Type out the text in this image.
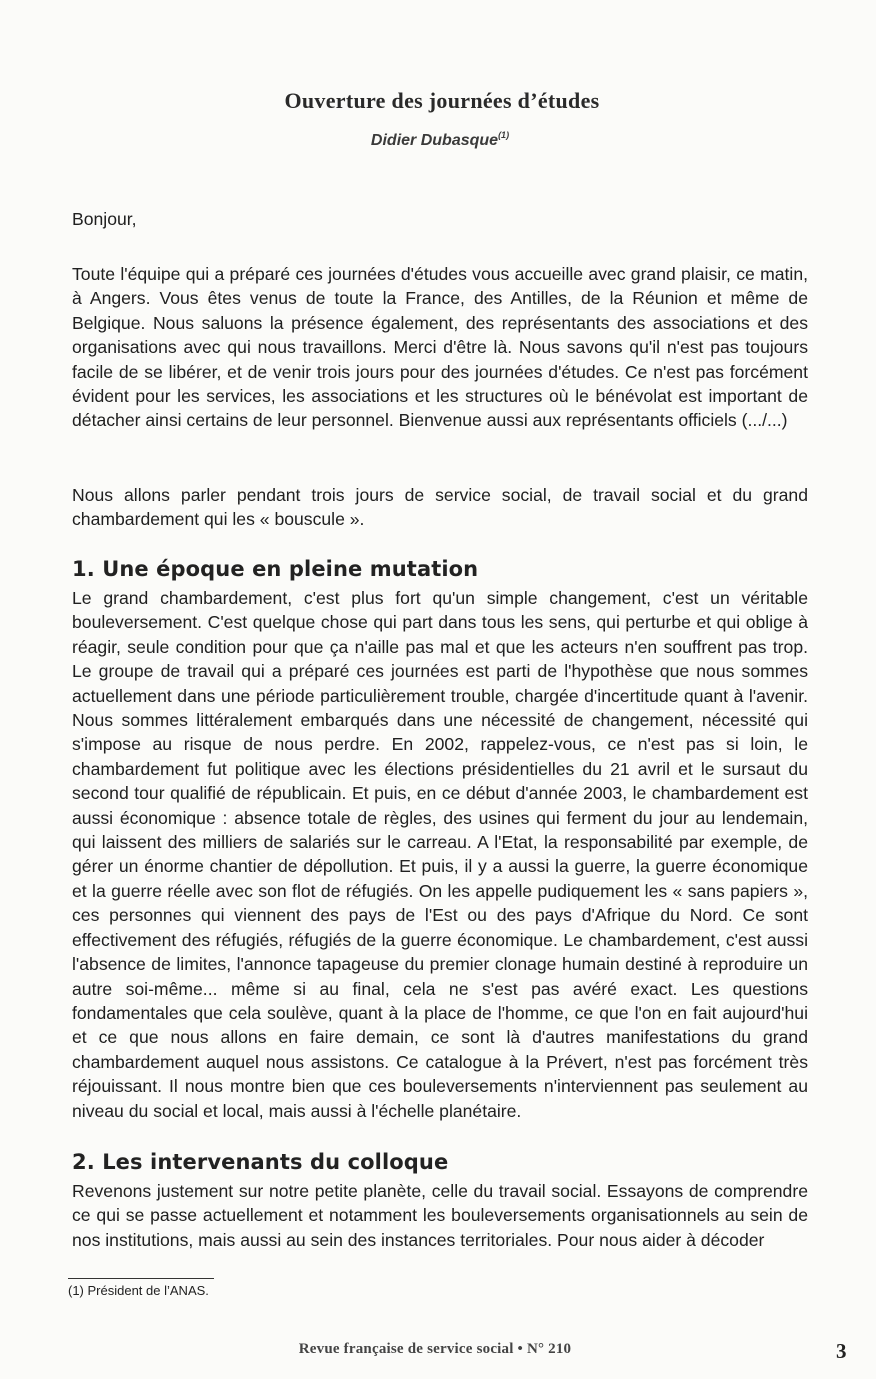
Ouverture des journées d’études
Didier Dubasque$^{(1)}$

Bonjour,

Toute l'équipe qui a préparé ces journées d'études vous accueille avec grand plaisir, ce matin, à Angers. Vous êtes venus de toute la France, des Antilles, de la Réunion et même de Belgique. Nous saluons la présence également, des représentants des associations et des organisations avec qui nous travaillons. Merci d'être là. Nous savons qu'il n'est pas toujours facile de se libérer, et de venir trois jours pour des journées d'études. Ce n'est pas forcément évident pour les services, les associations et les structures où le bénévolat est important de détacher ainsi certains de leur personnel. Bienvenue aussi aux représentants officiels (.../...)

Nous allons parler pendant trois jours de service social, de travail social et du grand chambardement qui les « bouscule ».

1. Une époque en pleine mutation

Le grand chambardement, c'est plus fort qu'un simple changement, c'est un véritable bouleversement. C'est quelque chose qui part dans tous les sens, qui perturbe et qui oblige à réagir, seule condition pour que ça n'aille pas mal et que les acteurs n'en souffrent pas trop. Le groupe de travail qui a préparé ces journées est parti de l'hypothèse que nous sommes actuellement dans une période particulièrement trouble, chargée d'incertitude quant à l'avenir. Nous sommes littéralement embarqués dans une nécessité de changement, nécessité qui s'impose au risque de nous perdre. En 2002, rappelez-vous, ce n'est pas si loin, le chambardement fut politique avec les élections présidentielles du 21 avril et le sursaut du second tour qualifié de républicain. Et puis, en ce début d'année 2003, le chambardement est aussi économique : absence totale de règles, des usines qui ferment du jour au lendemain, qui laissent des milliers de salariés sur le carreau. A l'Etat, la responsabilité par exemple, de gérer un énorme chantier de dépollution. Et puis, il y a aussi la guerre, la guerre économique et la guerre réelle avec son flot de réfugiés. On les appelle pudiquement les « sans papiers », ces personnes qui viennent des pays de l'Est ou des pays d'Afrique du Nord. Ce sont effectivement des réfugiés, réfugiés de la guerre économique. Le chambardement, c'est aussi l'absence de limites, l'annonce tapageuse du premier clonage humain destiné à reproduire un autre soi-même... même si au final, cela ne s'est pas avéré exact. Les questions fondamentales que cela soulève, quant à la place de l'homme, ce que l'on en fait aujourd'hui et ce que nous allons en faire demain, ce sont là d'autres manifestations du grand chambardement auquel nous assistons. Ce catalogue à la Prévert, n'est pas forcément très réjouissant. Il nous montre bien que ces bouleversements n'interviennent pas seulement au niveau du social et local, mais aussi à l'échelle planétaire.

2. Les intervenants du colloque

Revenons justement sur notre petite planète, celle du travail social. Essayons de comprendre ce qui se passe actuellement et notamment les bouleversements organisationnels au sein de nos institutions, mais aussi au sein des instances territoriales. Pour nous aider à décoder

(1) Président de l’ANAS.
Revue française de service social • N° 210	3
